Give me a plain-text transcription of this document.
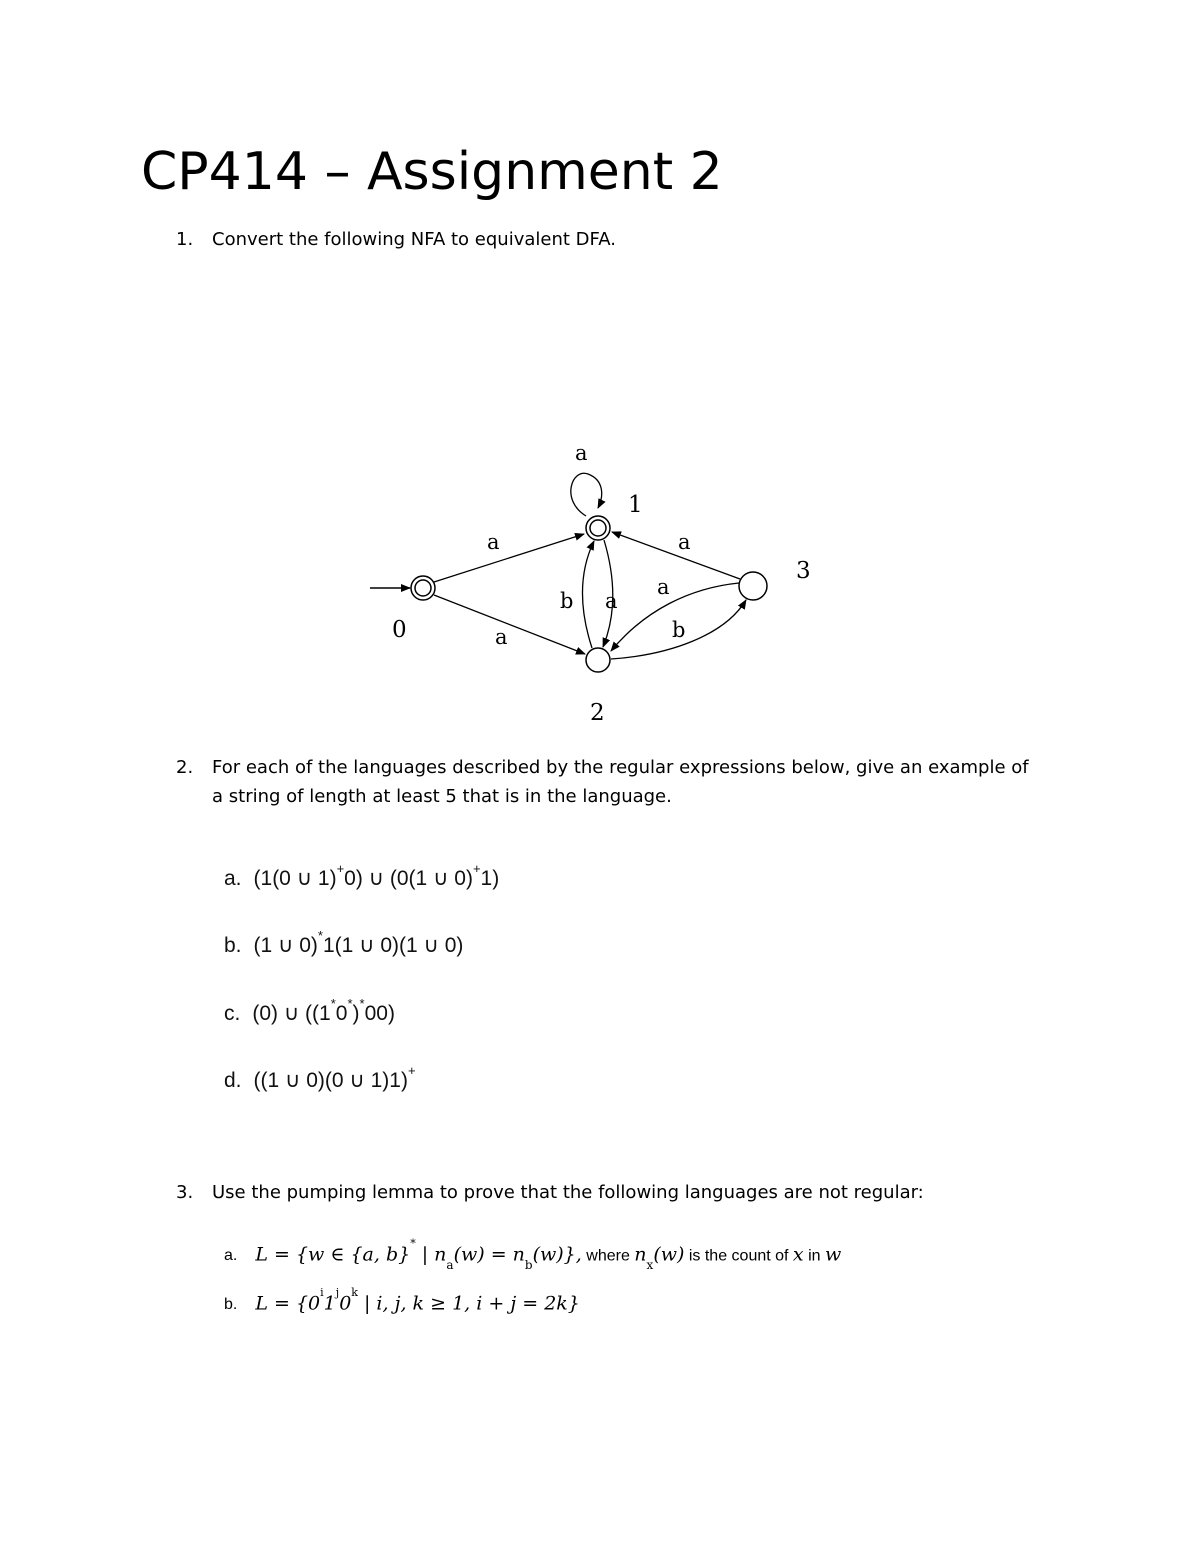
CP414 – Assignment 2
1. Convert the following NFA to equivalent DFA.
a
1
0
2
3
a
a
b a
a
a
b
2. For each of the languages described by the regular expressions below, give an example of a string of length at least 5 that is in the language.
a. (1(0 ∪ 1)+0) ∪ (0(1 ∪ 0)+1)
b. (1 ∪ 0)*1(1 ∪ 0)(1 ∪ 0)
c. (0) ∪ ((1*0*)*00)
d. ((1 ∪ 0)(0 ∪ 1)1)+
3. Use the pumping lemma to prove that the following languages are not regular:
a. L = {w ∈ {a, b}* | $n_a(w) = n_b(w)$}, where $n_x(w)$ is the count of x in w
b. $L = \{0^i1^j0^k$ | i, j, k ≥ 1, i + j = 2k}
